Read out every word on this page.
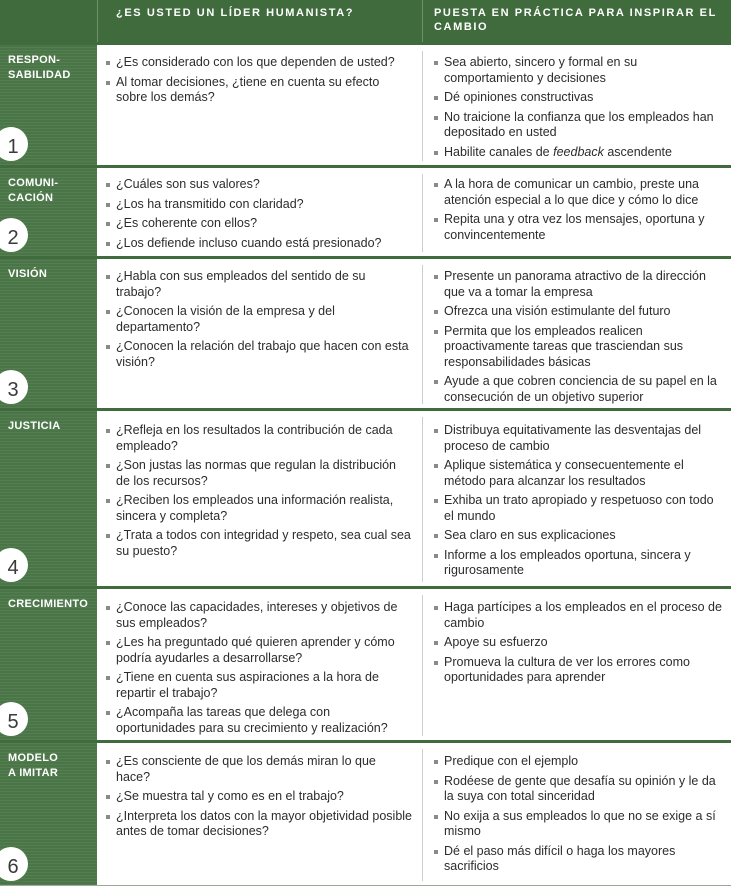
¿ES USTED UN LÍDER HUMANISTA?	PUESTA EN PRÁCTICA PARA INSPIRAR EL CAMBIO
RESPON-
SABILIDAD
1
¿Es considerado con los que dependen de usted?
Al tomar decisiones, ¿tiene en cuenta su efecto sobre los demás?
Sea abierto, sincero y formal en su comportamiento y decisiones
Dé opiniones constructivas
No traicione la confianza que los empleados han depositado en usted
Habilite canales de feedback ascendente
COMUNI-
CACIÓN
2
¿Cuáles son sus valores?
¿Los ha transmitido con claridad?
¿Es coherente con ellos?
¿Los defiende incluso cuando está presionado?
A la hora de comunicar un cambio, preste una atención especial a lo que dice y cómo lo dice
Repita una y otra vez los mensajes, oportuna y convincentemente
VISIÓN
3
¿Habla con sus empleados del sentido de su trabajo?
¿Conocen la visión de la empresa y del departamento?
¿Conocen la relación del trabajo que hacen con esta visión?
Presente un panorama atractivo de la dirección que va a tomar la empresa
Ofrezca una visión estimulante del futuro
Permita que los empleados realicen proactivamente tareas que trasciendan sus responsabilidades básicas
Ayude a que cobren conciencia de su papel en la consecución de un objetivo superior
JUSTICIA
4
¿Refleja en los resultados la contribución de cada empleado?
¿Son justas las normas que regulan la distribución de los recursos?
¿Reciben los empleados una información realista, sincera y completa?
¿Trata a todos con integridad y respeto, sea cual sea su puesto?
Distribuya equitativamente las desventajas del proceso de cambio
Aplique sistemática y consecuentemente el método para alcanzar los resultados
Exhiba un trato apropiado y respetuoso con todo el mundo
Sea claro en sus explicaciones
Informe a los empleados oportuna, sincera y rigurosamente
CRECIMIENTO
5
¿Conoce las capacidades, intereses y objetivos de sus empleados?
¿Les ha preguntado qué quieren aprender y cómo podría ayudarles a desarrollarse?
¿Tiene en cuenta sus aspiraciones a la hora de repartir el trabajo?
¿Acompaña las tareas que delega con oportunidades para su crecimiento y realización?
Haga partícipes a los empleados en el proceso de cambio
Apoye su esfuerzo
Promueva la cultura de ver los errores como oportunidades para aprender
MODELO
A IMITAR
6
¿Es consciente de que los demás miran lo que hace?
¿Se muestra tal y como es en el trabajo?
¿Interpreta los datos con la mayor objetividad posible antes de tomar decisiones?
Predique con el ejemplo
Rodéese de gente que desafía su opinión y le da la suya con total sinceridad
No exija a sus empleados lo que no se exige a sí mismo
Dé el paso más difícil o haga los mayores sacrificios
